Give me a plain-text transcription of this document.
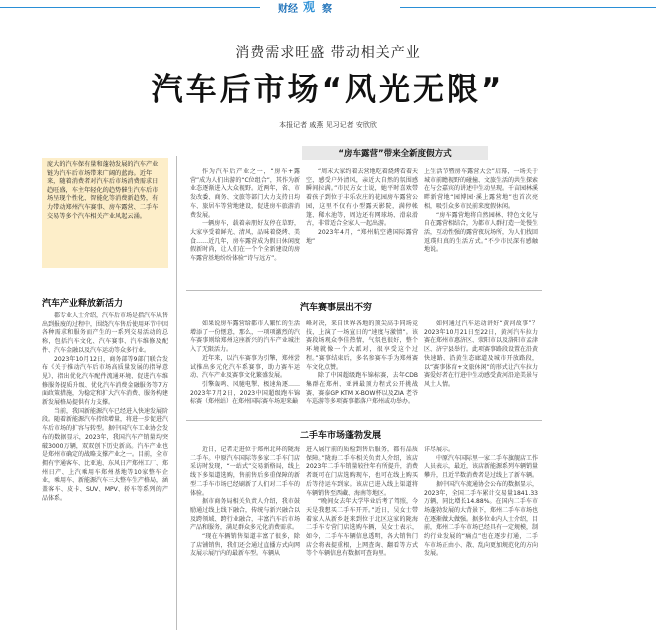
财经 观 察
消费需求旺盛 带动相关产业
汽车后市场“风光无限”
本报记者 戚燕 见习记者 安欣欣
庞大的汽车保有量和蓬勃发展的汽车产业链为汽车后市场带来广阔的蓝海。近年来，随着消费者对汽车后市场消费需求日趋旺盛，车主年轻化的趋势催生汽车后市场呈现个性化、智能化等消费新趋势，有力带动郑州汽车赛事、房车露营、二手车交易等多个汽车相关产业风起云涌。
汽车产业释放新活力

郡专业人士介绍，汽车后市场是指汽车从售出到报废的过程中，围绕汽车售后使用环节中因各种需求和服务而产生的一系列交易活动的总称，包括汽车文化、汽车赛事、汽车维修及配件、汽车金融以及汽车运动等众多行业。

2023年10月12日，商务部等9部门联合发布《关于推动汽车后市场高质量发展的指导意见》，指出优化汽车配件流通环境、促进汽车维修服务提质升级、优化汽车消费金融服务等7方面政策措施，为稳定和扩大汽车消费、服务构建新发展格局提供有力支撑。

当前，我国新能源汽车已经进入快速发展阶段。随着新能源汽车持续增量，将进一步促进汽车后市场的扩容与转型。据中国汽车工业协会发布的数据显示，2023年，我国汽车产销量均突破3000万辆，双双创下历史新高。汽车产业也是郑州市确定的战略支撑产业之一。目前，全市拥有宇通客车、比亚迪、东风日产郑州工厂、郑州日产、上汽乘用车郑州基地等10家整车企业，乘用车、新能源汽车三大整车生产格局，涵盖客车、皮卡、SUV、MPV、轿车等系列的产品体系。

作为汽车后产业之一，“房车+露营”成为人们出游的“C位组合”，其作为新业态逐渐进入大众视野。近两年，省、市发改委、商务、文旅等部门大力支持日均车、旅居车等营地建设，促进房车旅游消费发展。

一辆房车，载着亲朋好友停在草野，大家享受着鲜光、清风，品味着烧烤、美食……近几年，房车露营成为假日休闲度假新时尚，让人们在一个个全新建设的房车露营基地纷纷体验“诗与远方”。

“房车露营”带来全新度假方式

“周末大家约着去营地吃着烧烤看着天空，感受户外清风，亲近大自然的氛围感瞬间拉满。”市民方女士说，她平时喜欢带着孩子到位于丰乐农庄的花园房车露营公园，这里不仅有小型露天影院，满停帐篷、稀水池等，周边还有网球场、滑泉滑古，非常适合全家人一起出游。

2023年4月，“郑州航空港国际露营地”

上生活节暨房车露营大会”启幕，一场关于城市前瞻视野的碰撞、文旅生活的共生探索在与会嘉宾的讲述中生动呈现。千亩园林溪畔新营地“园博园·溪上露营地”也首次亮相，吸引众多市民前来度假休闲。

“房车露营地将自然园林、特色文化与自在露营相结合，为都市人群打造一处慢生活，互动性强的露营夜玩场所，为人们找回返璞归真的生活方式。”不少市民深有感触地说。

汽车赛事层出不穷

如果说房车露营给都市人繁忙的生活增添了一份惬意，那么，一项项激烈的汽车赛事则给郑州这座新兴的汽车产业城注入了无限活力。

近年来，以汽车赛事为引擎，郑州尝试推出多元化汽车系赛事，助力赛车运动、汽车产业及赛事文化繁盛发展。

引擎轰鸣、风驰电掣、极速角逐……2023年7月2日，2023中国超级跑车锦标赛（郑州站）在郑州国际赛车场迎来巅

峰对决，来自世界各地的顶尖高手同场竞技，上演了一场宣日的“速度与激情”。该赛段场观众李佳热情，气氛也很好，整个环境就像一个大派对，很享受这个过程。”赛事结束后，多名参赛车手为郑州赛车文化点赞。

除了中国超级跑车锦标赛，去年CDB集群在郑州、亚洲最顶力程式公开挑战赛、赛泰GP KTM X-BOW杯以及ZIA 老爷车巡游等多项赛事都落户郑州或功举办。

如何通过汽车运动讲好“黄河故事”？2023年10月21日至22日，黄河汽车拉力赛在郑州市惠济区、荥阳市以及洛阳市孟津区、济宁县举行。此项赛事路段设置在沿黄快速路、沿黄生态廊道及城市开放路段，以“赛事体育+文旅休闲”的形式让汽车拉力赛爱好者在行进中生动感受黄河沿途美景与风土人情。

二手车市场蓬勃发展

近日，记者走进位于郑州北环的陇海二手车。中原汽车国际等多家二手车门店采访时发现，“一站式”交易新格局，线上线下多渠道选购，售前售后多重保障的新型二手车市场已经刷新了人们对二手车的体验。

据市商务局相关负责人介绍，我市鼓励通过线上线下融合，传统与新兴融合以及跨领域、跨行业融合，丰富汽车后市场产品和服务，满足群众多元化消费需求。

“现在车辆销售渠道丰富了很多，除了店铺销售，我们还会通过直播方式向网友展示展厅内的最新车型。车辆从

进入展厅前的质检到售后服务，都有品质保障。”陇海二手车相关负责人介绍，该店2023年二手车销量较往年有所提升，消费者既可在门店选购现车，也可在线上购买后等待运车到家。该店已进入线上渠道将车辆销售至西藏、海南等地区。

“晚间女去年大学毕业后考了驾照，今天是我想买二手车开开。”近日，吴女士带着家人从新乡赶来到位于北区这家的陇海二手车专营门店选购车辆，吴女士表示，如今，二手车车辆信息透明，各大销售门店会将表提重根，上网查询、翻看等方式等个车辆信息有数据可查询里。

详尽展示。

中原汽车国际里一家二手车旗舰店工作人员表示，最近，该店新能源系列车辆销量攀升，且近半数消费者是过线上了新车辆。

据中国汽车流通协会公布的数据显示，2023年，全国二手车累计交易量1841.33万辆，同比增长14.88%。在国内二手车市场蓬勃发展的大背景下，郑州二手车市场也在逐渐做大做强。据多位业内人士介绍，目前，郑州二手车市场已经具有一定规模，制约行业发展的“痛点”也在逐步打通，二手车市场正由小、散、乱向更加规范化的方向发展。
